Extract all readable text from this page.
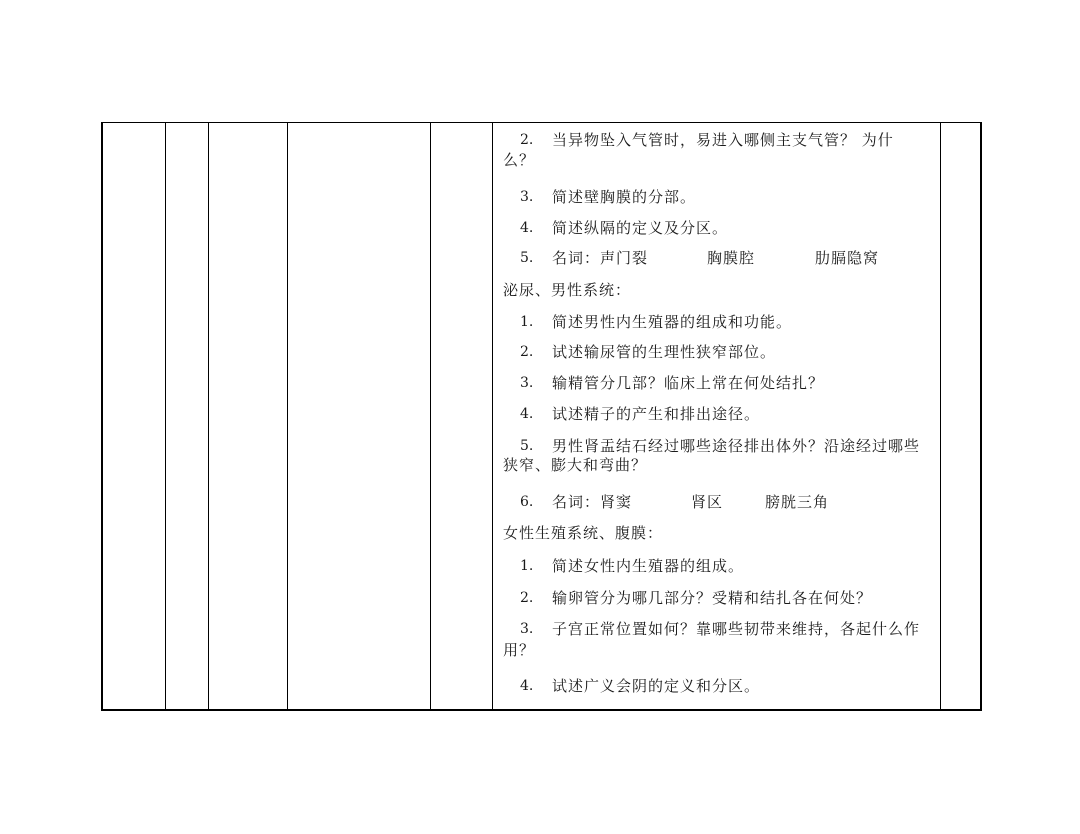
2. 当异物坠入气管时，易进入哪侧主支气管？ 为什
么？
3. 简述壁胸膜的分部。
4. 简述纵隔的定义及分区。
5. 名词：声门裂	胸膜腔	肋膈隐窝
泌尿、男性系统：
1. 简述男性内生殖器的组成和功能。
2. 试述输尿管的生理性狭窄部位。
3. 输精管分几部？临床上常在何处结扎？
4. 试述精子的产生和排出途径。
5. 男性肾盂结石经过哪些途径排出体外？沿途经过哪些
狭窄、膨大和弯曲？
6. 名词：肾窦	肾区	膀胱三角
女性生殖系统、腹膜：
1. 简述女性内生殖器的组成。
2. 输卵管分为哪几部分？受精和结扎各在何处？
3. 子宫正常位置如何？靠哪些韧带来维持，各起什么作
用？
4. 试述广义会阴的定义和分区。
